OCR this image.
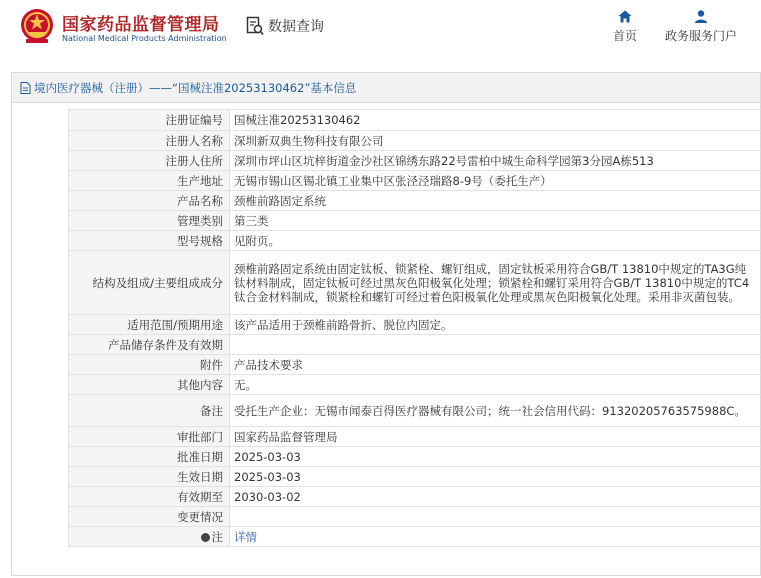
国家药品监督管理局
National Medical Products Administration
数据查询
首页	政务服务门户
境内医疗器械（注册）——“国械注准20253130462”基本信息
注册证编号	国械注准20253130462
注册人名称	深圳新双典生物科技有限公司
注册人住所	深圳市坪山区坑梓街道金沙社区锦绣东路22号雷柏中城生命科学园第3分园A栋513
生产地址	无锡市锡山区锡北镇工业集中区张泾泾瑞路8-9号（委托生产）
产品名称	颈椎前路固定系统
管理类别	第三类
型号规格	见附页。
结构及组成/主要组成成分	颈椎前路固定系统由固定钛板、锁紧栓、螺钉组成，固定钛板采用符合GB/T 13810中规定的TA3G纯钛材料制成，固定钛板可经过黑灰色阳极氧化处理；锁紧栓和螺钉采用符合GB/T 13810中规定的TC4钛合金材料制成，锁紧栓和螺钉可经过着色阳极氧化处理或黑灰色阳极氧化处理。采用非灭菌包装。
适用范围/预期用途	该产品适用于颈椎前路骨折、脱位内固定。
产品储存条件及有效期	
附件	产品技术要求
其他内容	无。
备注	受托生产企业：无锡市闻泰百得医疗器械有限公司；统一社会信用代码：91320205763575988C。
审批部门	国家药品监督管理局
批准日期	2025-03-03
生效日期	2025-03-03
有效期至	2030-03-02
变更情况	
注	详情
